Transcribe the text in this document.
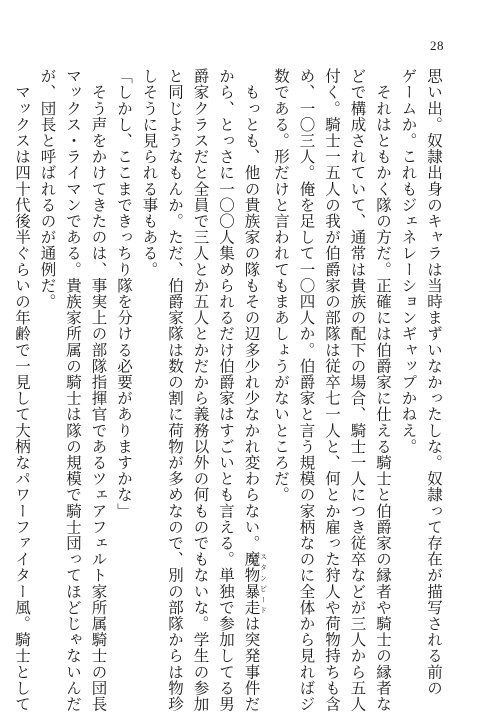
28
思い出。奴隷出身のキャラは当時まずいなかったしな。奴隷って存在が描写される前の
ゲームか。これもジェネレーションギャップかねえ。
　それはともかく隊の方だ。正確には伯爵家に仕える騎士と伯爵家の縁者や騎士の縁者な
どで構成されていて、通常は貴族の配下の場合、騎士一人につき従卒などが三人から五人
付く。騎士一五人の我が伯爵家の部隊は従卒七一人と、何とか雇った狩人や荷物持ちも含
め、一〇三人。俺を足して一〇四人か。伯爵家と言う規模の家柄なのに全体から見ればジ
数である。形だけと言われてもまあしょうがないところだ。
　もっとも、他の貴族家の隊もその辺多少れ少なかれ変わらない。魔物暴走 スタンピードは突発事件だ
から、とっさに一〇〇人集められるだけ伯爵家はすごいとも言える。単独で参加してる男
爵家クラスだと全員で三人とか五人とかだから義務以外の何ものでもないな。学生の参加
と同じようなもんか。ただ、伯爵家隊は数の割に荷物が多めなので、別の部隊からは物珍
しそうに見られる事もある。
「しかし、ここまできっちり隊を分ける必要がありますかな」
　そう声をかけてきたのは、事実上の部隊指揮官であるツェアフェルト家所属騎士の団長
マックス・ライマンである。貴族家所属の騎士は隊の規模で騎士団ってほどじゃないんだ
が、団長と呼ばれるのが通例だ。
　マックスは四十代後半ぐらいの年齢で一見して大柄なパワーファイター風。騎士として
